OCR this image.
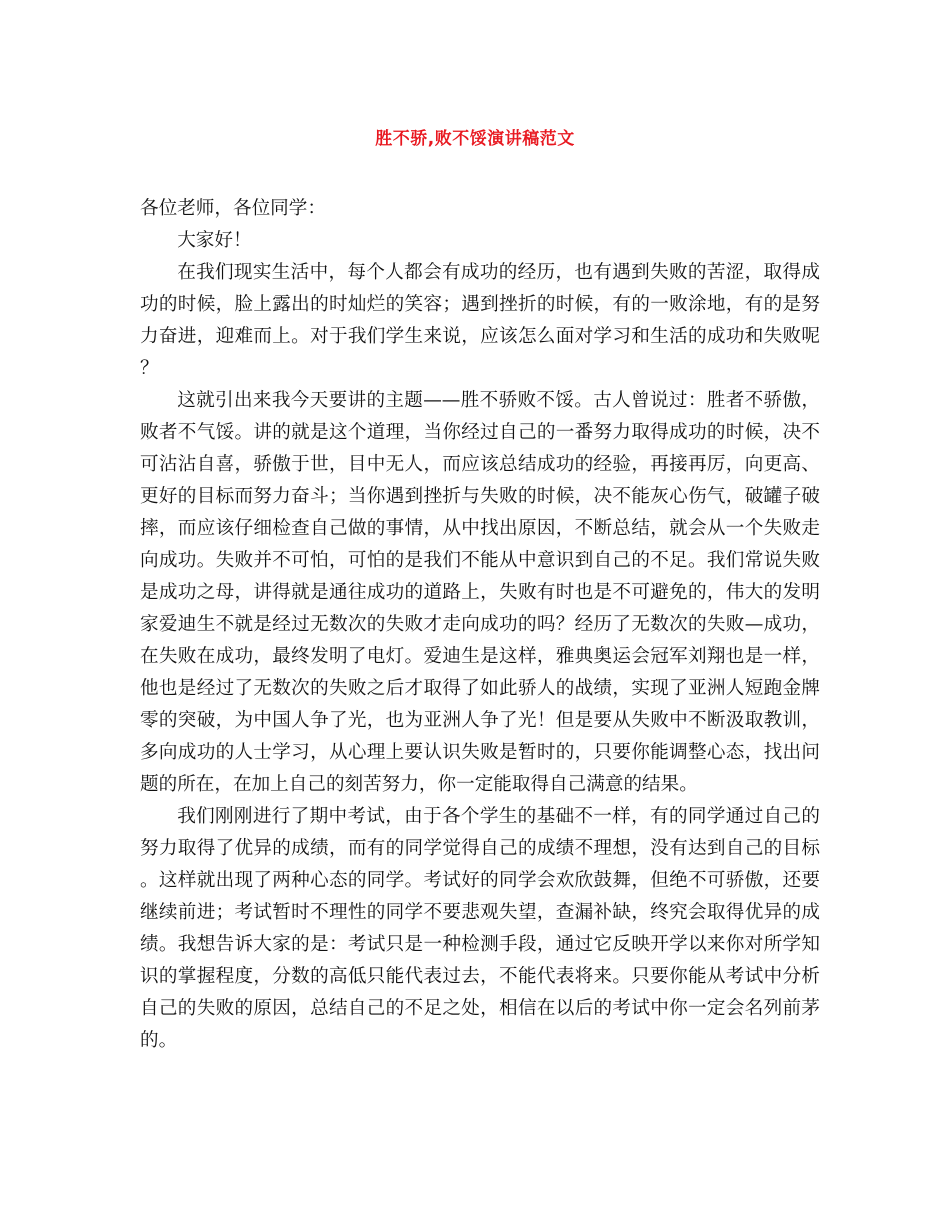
胜不骄,败不馁演讲稿范文

各位老师，各位同学：

大家好！

在我们现实生活中，每个人都会有成功的经历，也有遇到失败的苦涩，取得成功的时候，脸上露出的时灿烂的笑容；遇到挫折的时候，有的一败涂地，有的是努力奋进，迎难而上。对于我们学生来说，应该怎么面对学习和生活的成功和失败呢？

这就引出来我今天要讲的主题——胜不骄败不馁。古人曾说过：胜者不骄傲，败者不气馁。讲的就是这个道理，当你经过自己的一番努力取得成功的时候，决不可沾沾自喜，骄傲于世，目中无人，而应该总结成功的经验，再接再厉，向更高、更好的目标而努力奋斗；当你遇到挫折与失败的时候，决不能灰心伤气，破罐子破摔，而应该仔细检查自己做的事情，从中找出原因，不断总结，就会从一个失败走向成功。失败并不可怕，可怕的是我们不能从中意识到自己的不足。我们常说失败是成功之母，讲得就是通往成功的道路上，失败有时也是不可避免的，伟大的发明家爱迪生不就是经过无数次的失败才走向成功的吗？经历了无数次的失败—成功，在失败在成功，最终发明了电灯。爱迪生是这样，雅典奥运会冠军刘翔也是一样，他也是经过了无数次的失败之后才取得了如此骄人的战绩，实现了亚洲人短跑金牌零的突破，为中国人争了光，也为亚洲人争了光！但是要从失败中不断汲取教训，多向成功的人士学习，从心理上要认识失败是暂时的，只要你能调整心态，找出问题的所在，在加上自己的刻苦努力，你一定能取得自己满意的结果。

我们刚刚进行了期中考试，由于各个学生的基础不一样，有的同学通过自己的努力取得了优异的成绩，而有的同学觉得自己的成绩不理想，没有达到自己的目标。这样就出现了两种心态的同学。考试好的同学会欢欣鼓舞，但绝不可骄傲，还要继续前进；考试暂时不理性的同学不要悲观失望，查漏补缺，终究会取得优异的成绩。我想告诉大家的是：考试只是一种检测手段，通过它反映开学以来你对所学知识的掌握程度，分数的高低只能代表过去，不能代表将来。只要你能从考试中分析自己的失败的原因，总结自己的不足之处，相信在以后的考试中你一定会名列前茅的。
